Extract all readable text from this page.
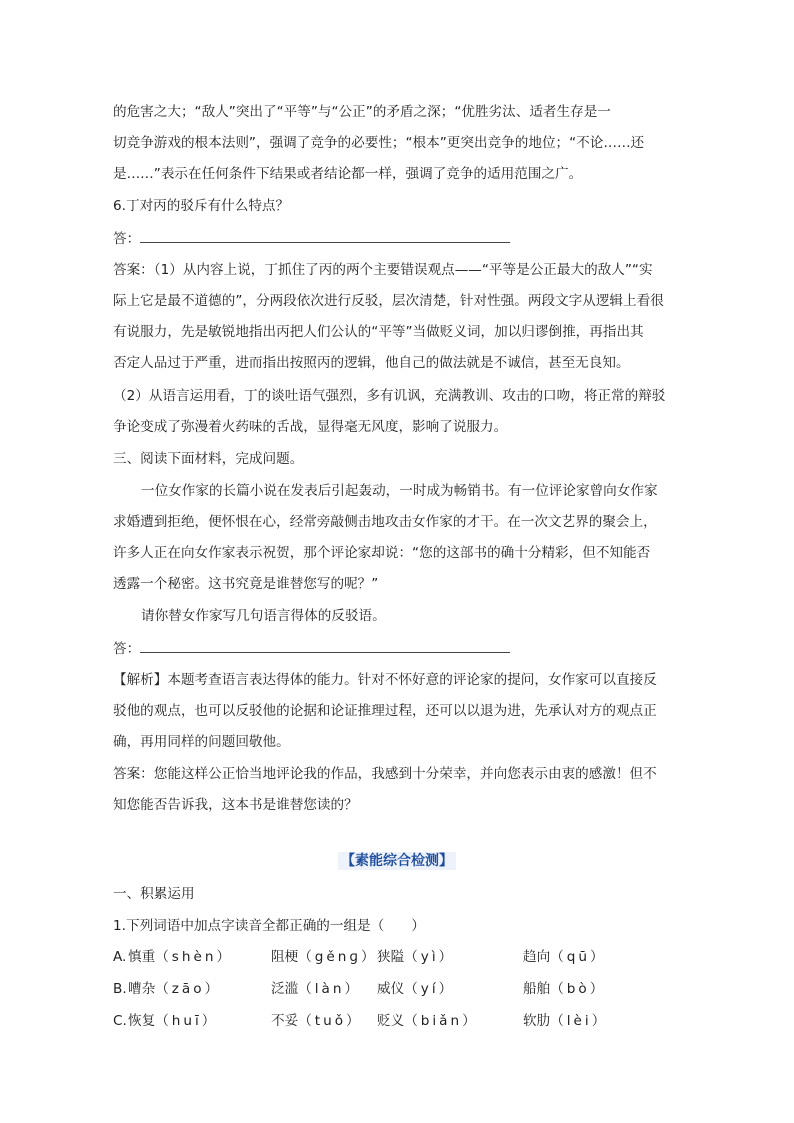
的危害之大；“敌人”突出了“平等”与“公正”的矛盾之深；“优胜劣汰、适者生存是一
切竞争游戏的根本法则”，强调了竞争的必要性；“根本”更突出竞争的地位；“不论……还
是……”表示在任何条件下结果或者结论都一样，强调了竞争的适用范围之广。
6.丁对丙的驳斥有什么特点？
答：
答案：（1）从内容上说，丁抓住了丙的两个主要错误观点——“平等是公正最大的敌人”“实
际上它是最不道德的”，分两段依次进行反驳，层次清楚，针对性强。两段文字从逻辑上看很
有说服力，先是敏锐地指出丙把人们公认的“平等”当做贬义词，加以归谬倒推，再指出其
否定人品过于严重，进而指出按照丙的逻辑，他自己的做法就是不诚信，甚至无良知。
（2）从语言运用看，丁的谈吐语气强烈，多有讥讽，充满教训、攻击的口吻，将正常的辩驳
争论变成了弥漫着火药味的舌战，显得毫无风度，影响了说服力。
三、阅读下面材料，完成问题。
一位女作家的长篇小说在发表后引起轰动，一时成为畅销书。有一位评论家曾向女作家
求婚遭到拒绝，便怀恨在心，经常旁敲侧击地攻击女作家的才干。在一次文艺界的聚会上，
许多人正在向女作家表示祝贺，那个评论家却说：“您的这部书的确十分精彩，但不知能否
透露一个秘密。这书究竟是谁替您写的呢？”
请你替女作家写几句语言得体的反驳语。
答：
【解析】本题考查语言表达得体的能力。针对不怀好意的评论家的提问，女作家可以直接反
驳他的观点，也可以反驳他的论据和论证推理过程，还可以以退为进，先承认对方的观点正
确，再用同样的问题回敬他。
答案：您能这样公正恰当地评论我的作品，我感到十分荣幸，并向您表示由衷的感激！但不
知您能否告诉我，这本书是谁替您读的？
【素能综合检测】
一、积累运用
1.下列词语中加点字读音全都正确的一组是（　　）
A. 慎重（shèn）	阻梗（gěnɡ） 狭隘（yì）	趋向（qū）
B. 嘈杂（zāo）	泛滥（làn） 威仪（yí）	船舶（bò）
C. 恢复（huī）	不妥（tuǒ） 贬义（biǎn）	软肋（lèi）
